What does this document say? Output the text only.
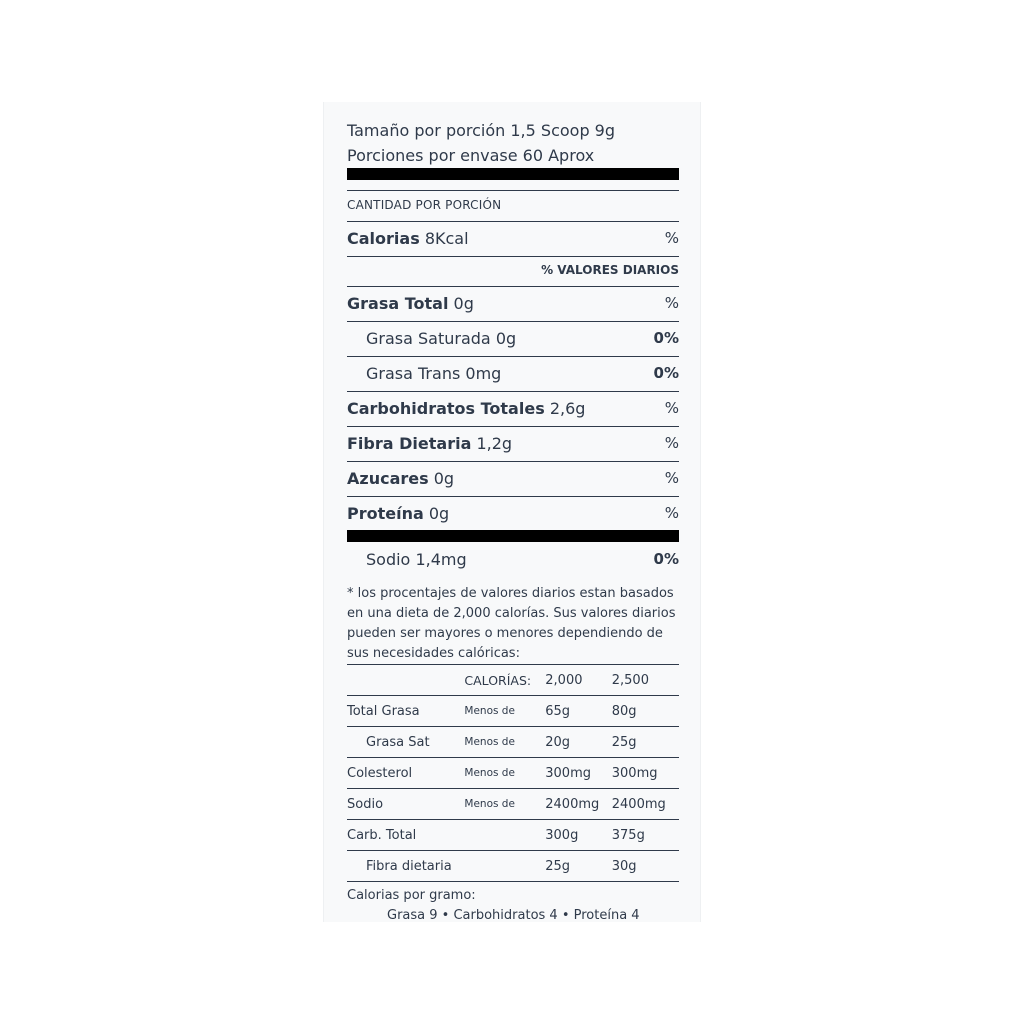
Tamaño por porción 1,5 Scoop 9g
Porciones por envase 60 Aprox
CANTIDAD POR PORCIÓN
Calorias 8Kcal	%
% VALORES DIARIOS
Grasa Total 0g	%
Grasa Saturada 0g	0%
Grasa Trans 0mg	0%
Carbohidratos Totales 2,6g	%
Fibra Dietaria 1,2g	%
Azucares 0g	%
Proteína 0g	%
Sodio 1,4mg	0%
* los procentajes de valores diarios estan basados en una dieta de 2,000 calorías. Sus valores diarios pueden ser mayores o menores dependiendo de sus necesidades calóricas:
	CALORÍAS:	2,000	2,500
Total Grasa	Menos de	65g	80g
Grasa Sat	Menos de	20g	25g
Colesterol	Menos de	300mg	300mg
Sodio	Menos de	2400mg	2400mg
Carb. Total		300g	375g
Fibra dietaria		25g	30g
Calorias por gramo:
Grasa 9 • Carbohidratos 4 • Proteína 4
